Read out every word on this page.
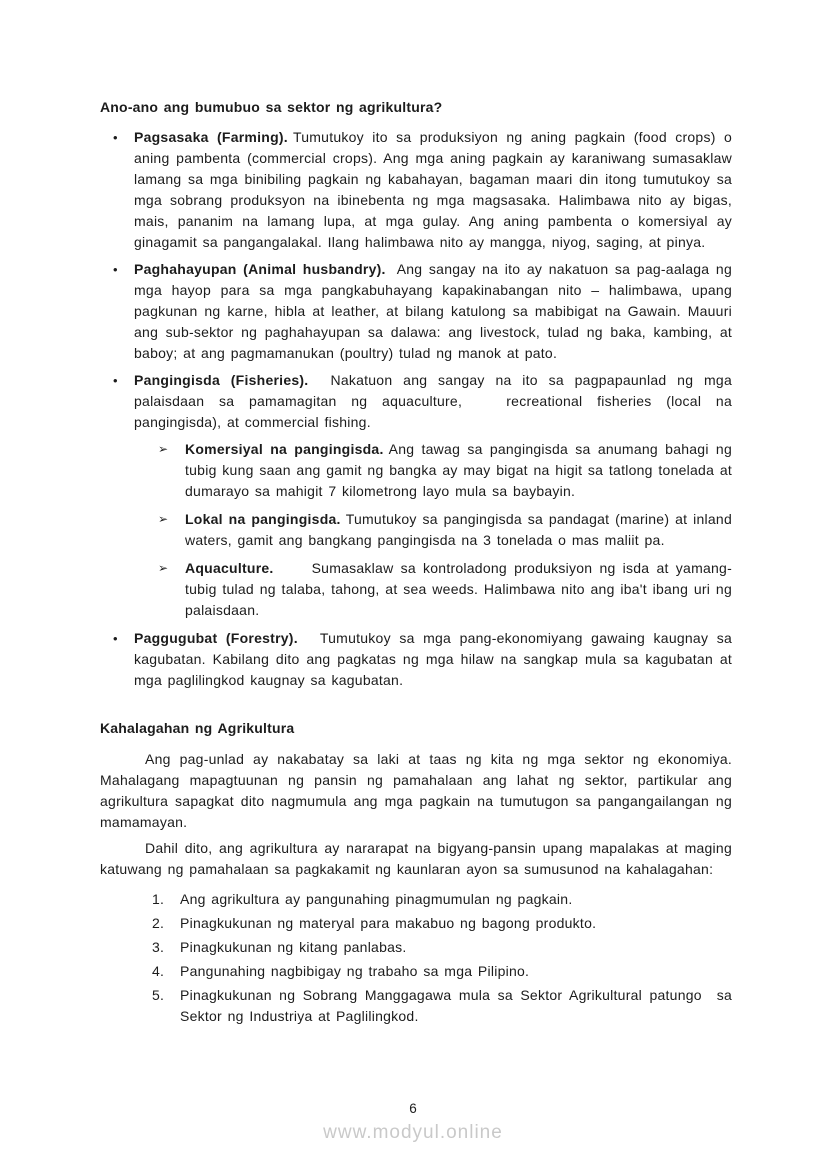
Ano-ano ang bumubuo sa sektor ng agrikultura?
•	Pagsasaka (Farming). Tumutukoy ito sa produksiyon ng aning pagkain (food crops) o aning pambenta (commercial crops). Ang mga aning pagkain ay karaniwang sumasaklaw lamang sa mga binibiling pagkain ng kabahayan, bagaman maari din itong tumutukoy sa mga sobrang produksyon na ibinebenta ng mga magsasaka. Halimbawa nito ay bigas, mais, pananim na lamang lupa, at mga gulay. Ang aning pambenta o komersiyal ay ginagamit sa pangangalakal. Ilang halimbawa nito ay mangga, niyog, saging, at pinya.
•	Paghahayupan (Animal husbandry). Ang sangay na ito ay nakatuon sa pag-aalaga ng mga hayop para sa mga pangkabuhayang kapakinabangan nito – halimbawa, upang pagkunan ng karne, hibla at leather, at bilang katulong sa mabibigat na Gawain. Mauuri ang sub-sektor ng paghahayupan sa dalawa: ang livestock, tulad ng baka, kambing, at baboy; at ang pagmamanukan (poultry) tulad ng manok at pato.
•	Pangingisda (Fisheries). Nakatuon ang sangay na ito sa pagpapaunlad ng mga palaisdaan sa pamamagitan ng aquaculture,   recreational fisheries (local na pangingisda), at commercial fishing.
➢	Komersiyal na pangingisda. Ang tawag sa pangingisda sa anumang bahagi ng tubig kung saan ang gamit ng bangka ay may bigat na higit sa tatlong tonelada at dumarayo sa mahigit 7 kilometrong layo mula sa baybayin.
➢	Lokal na pangingisda. Tumutukoy sa pangingisda sa pandagat (marine) at inland waters, gamit ang bangkang pangingisda na 3 tonelada o mas maliit pa.
➢	Aquaculture.	Sumasaklaw sa kontroladong produksiyon ng isda at yamang- tubig tulad ng talaba, tahong, at sea weeds. Halimbawa nito ang iba't ibang uri ng palaisdaan.
•	Paggugubat (Forestry). Tumutukoy sa mga pang-ekonomiyang gawaing kaugnay sa kagubatan. Kabilang dito ang pagkatas ng mga hilaw na sangkap mula sa kagubatan at mga paglilingkod kaugnay sa kagubatan.
Kahalagahan ng Agrikultura

Ang pag-unlad ay nakabatay sa laki at taas ng kita ng mga sektor ng ekonomiya. Mahalagang mapagtuunan ng pansin ng pamahalaan ang lahat ng sektor, partikular ang agrikultura sapagkat dito nagmumula ang mga pagkain na tumutugon sa pangangailangan ng mamamayan.

Dahil dito, ang agrikultura ay nararapat na bigyang-pansin upang mapalakas at maging katuwang ng pamahalaan sa pagkakamit ng kaunlaran ayon sa sumusunod na kahalagahan:

1.	Ang agrikultura ay pangunahing pinagmumulan ng pagkain.
2.	Pinagkukunan ng materyal para makabuo ng bagong produkto.
3.	Pinagkukunan ng kitang panlabas.
4.	Pangunahing nagbibigay ng trabaho sa mga Pilipino.
5.	Pinagkukunan ng Sobrang Manggagawa mula sa Sektor Agrikultural patungo  sa Sektor ng Industriya at Paglilingkod.
6
www.modyul.online
